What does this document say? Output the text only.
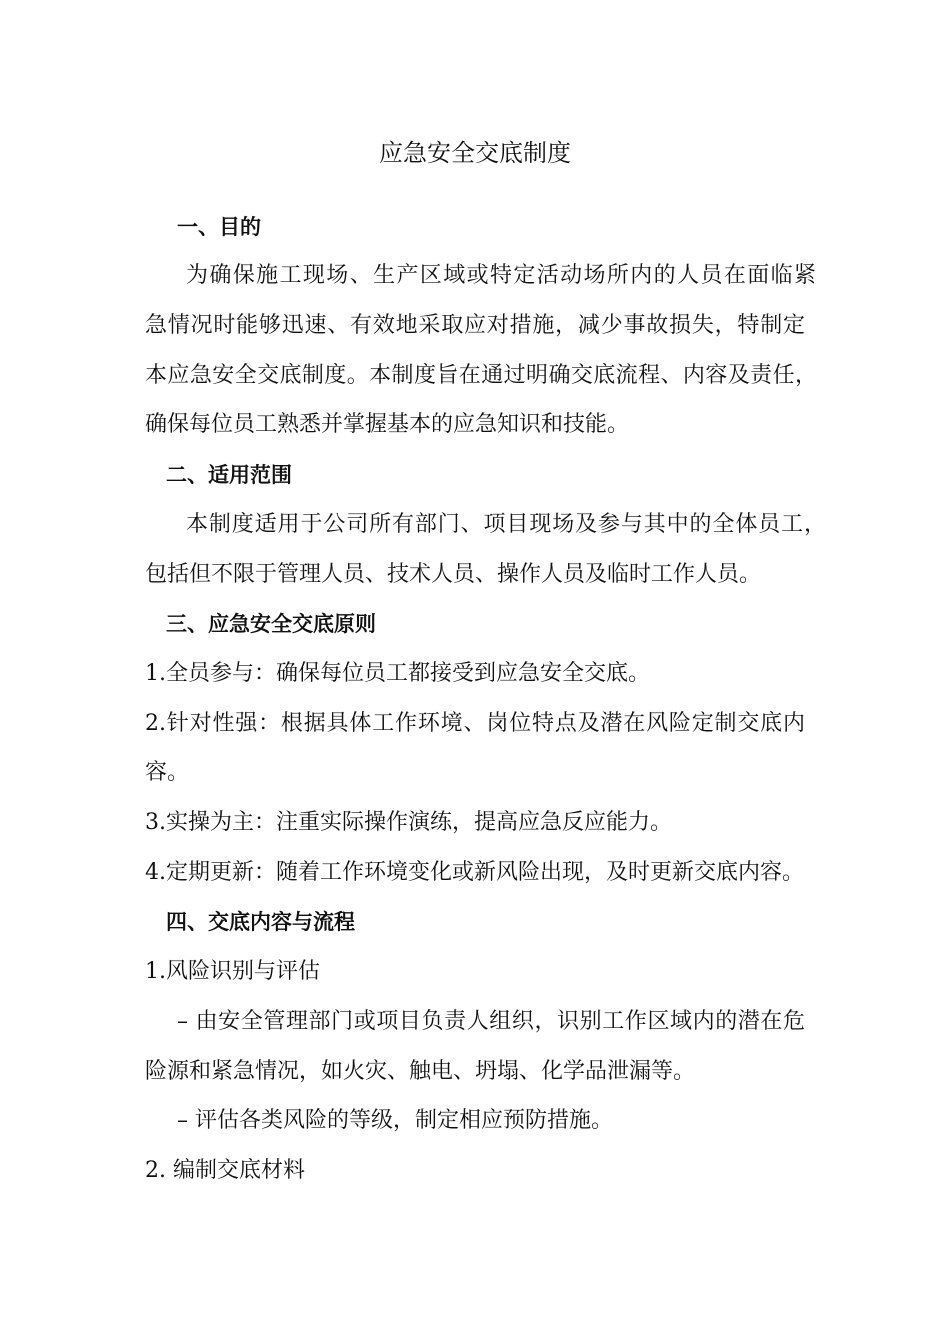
应急安全交底制度

一、目的

为确保施工现场、生产区域或特定活动场所内的人员在面临紧

急情况时能够迅速、有效地采取应对措施，减少事故损失，特制定

本应急安全交底制度。本制度旨在通过明确交底流程、内容及责任，

确保每位员工熟悉并掌握基本的应急知识和技能。

二、适用范围

本制度适用于公司所有部门、项目现场及参与其中的全体员工，

包括但不限于管理人员、技术人员、操作人员及临时工作人员。

三、应急安全交底原则

1.全员参与：确保每位员工都接受到应急安全交底。

2.针对性强：根据具体工作环境、岗位特点及潜在风险定制交底内

容。

3.实操为主：注重实际操作演练，提高应急反应能力。

4.定期更新：随着工作环境变化或新风险出现，及时更新交底内容。

四、交底内容与流程

1.风险识别与评估

– 由安全管理部门或项目负责人组织，识别工作区域内的潜在危

险源和紧急情况，如火灾、触电、坍塌、化学品泄漏等。

– 评估各类风险的等级，制定相应预防措施。

2. 编制交底材料
